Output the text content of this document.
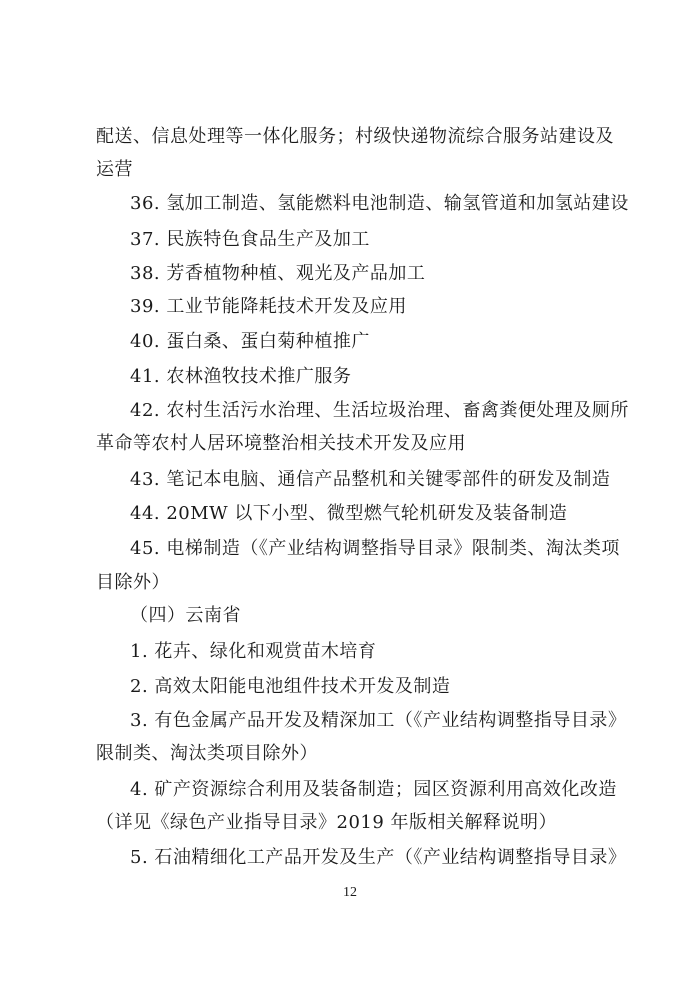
配送、信息处理等一体化服务；村级快递物流综合服务站建设及
运营
36. 氢加工制造、氢能燃料电池制造、输氢管道和加氢站建设
37. 民族特色食品生产及加工
38. 芳香植物种植、观光及产品加工
39. 工业节能降耗技术开发及应用
40. 蛋白桑、蛋白菊种植推广
41. 农林渔牧技术推广服务
42. 农村生活污水治理、生活垃圾治理、畜禽粪便处理及厕所
革命等农村人居环境整治相关技术开发及应用
43. 笔记本电脑、通信产品整机和关键零部件的研发及制造
44. 20MW 以下小型、微型燃气轮机研发及装备制造
45. 电梯制造（《产业结构调整指导目录》限制类、淘汰类项
目除外）
（四）云南省
1. 花卉、绿化和观赏苗木培育
2. 高效太阳能电池组件技术开发及制造
3. 有色金属产品开发及精深加工（《产业结构调整指导目录》
限制类、淘汰类项目除外）
4. 矿产资源综合利用及装备制造；园区资源利用高效化改造
（详见《绿色产业指导目录》2019 年版相关解释说明）
5. 石油精细化工产品开发及生产（《产业结构调整指导目录》
12
